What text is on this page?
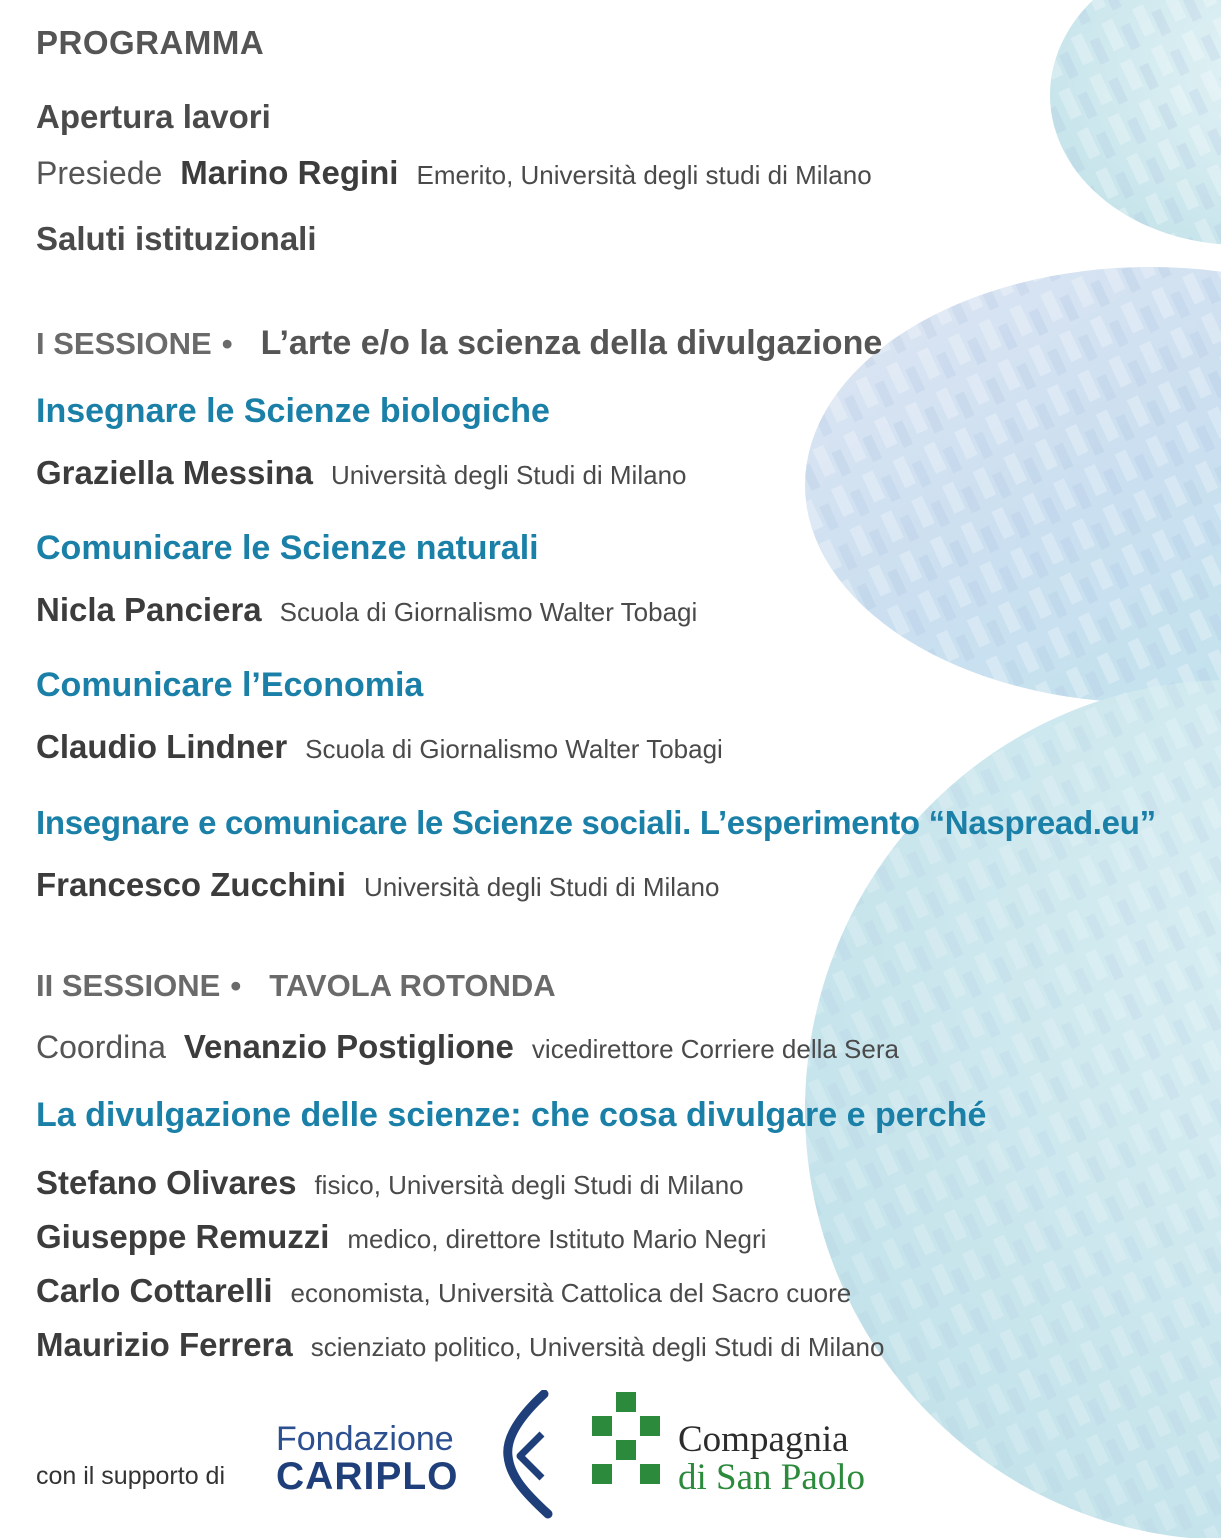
PROGRAMMA
Apertura lavori
Presiede Marino Regini Emerito, Università degli studi di Milano
Saluti istituzionali
I SESSIONE • L’arte e/o la scienza della divulgazione
Insegnare le Scienze biologiche
Graziella Messina Università degli Studi di Milano
Comunicare le Scienze naturali
Nicla Panciera Scuola di Giornalismo Walter Tobagi
Comunicare l’Economia
Claudio Lindner Scuola di Giornalismo Walter Tobagi
Insegnare e comunicare le Scienze sociali. L’esperimento “Naspread.eu”
Francesco Zucchini Università degli Studi di Milano
II SESSIONE • TAVOLA ROTONDA
Coordina Venanzio Postiglione vicedirettore Corriere della Sera
La divulgazione delle scienze: che cosa divulgare e perché
Stefano Olivares fisico, Università degli Studi di Milano
Giuseppe Remuzzi medico, direttore Istituto Mario Negri
Carlo Cottarelli economista, Università Cattolica del Sacro cuore
Maurizio Ferrera scienziato politico, Università degli Studi di Milano
con il supporto di
Fondazione
CARIPLO
Compagnia
di San Paolo
